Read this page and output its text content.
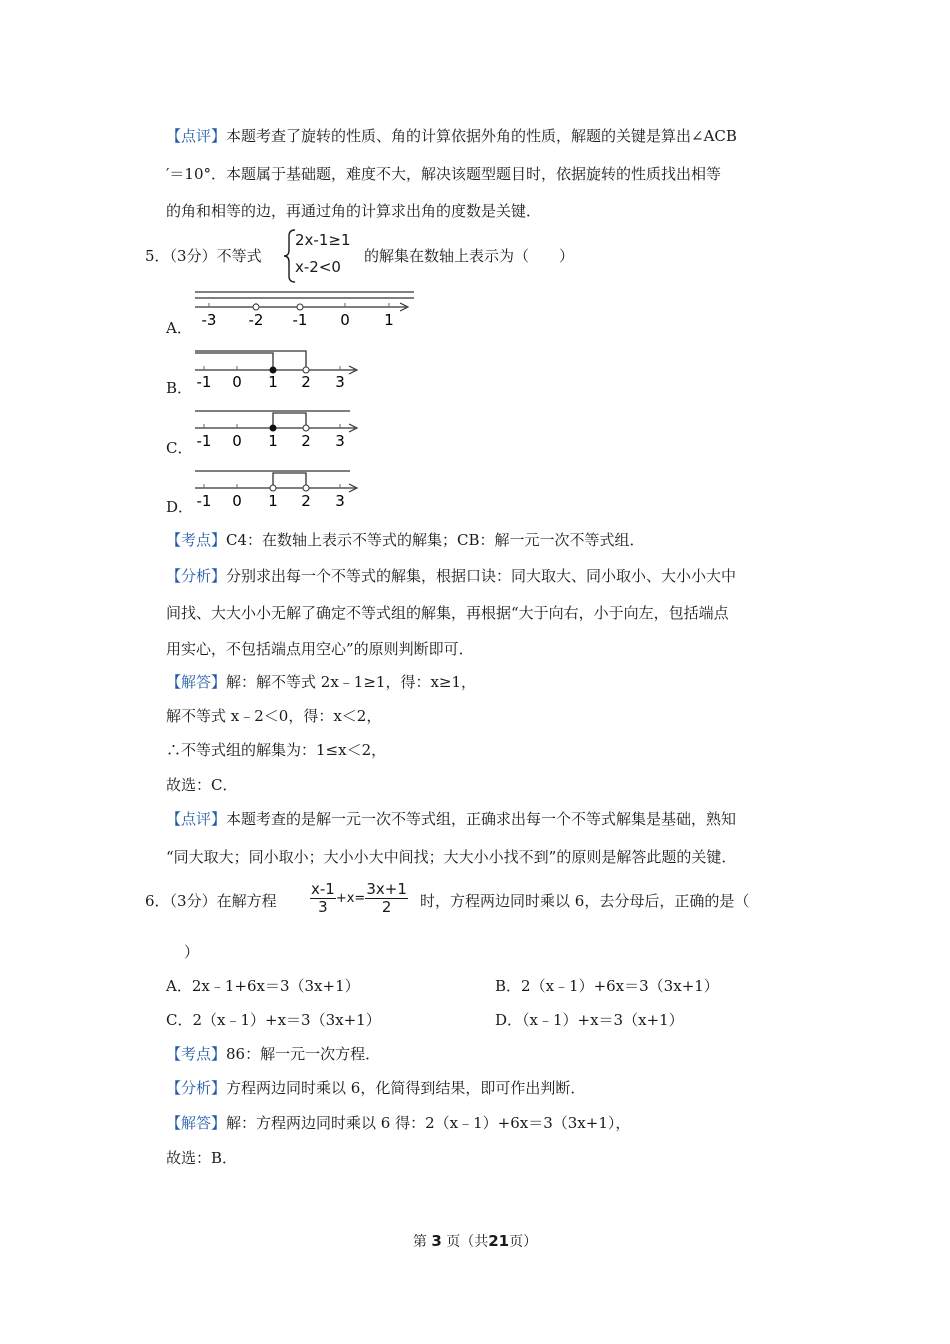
【点评】本题考查了旋转的性质、角的计算依据外角的性质，解题的关键是算出∠ACB
′＝10°．本题属于基础题，难度不大，解决该题型题目时，依据旋转的性质找出相等
的角和相等的边，再通过角的计算求出角的度数是关键．
5．（3分）不等式
2x-1≥1
x-2<0
的解集在数轴上表示为（　　）
A． -3 -2 -1 0 1
B． -1 0 1 2 3
C． -1 0 1 2 3
D． -1 0 1 2 3
【考点】C4：在数轴上表示不等式的解集；CB：解一元一次不等式组．
【分析】分别求出每一个不等式的解集，根据口诀：同大取大、同小取小、大小小大中
间找、大大小小无解了确定不等式组的解集，再根据“大于向右，小于向左，包括端点
用实心，不包括端点用空心”的原则判断即可．
【解答】解：解不等式 2x﹣1≥1，得：x≥1，
解不等式 x﹣2＜0，得：x＜2，
∴不等式组的解集为：1≤x＜2，
故选：C．
【点评】本题考查的是解一元一次不等式组，正确求出每一个不等式解集是基础，熟知
“同大取大；同小取小；大小小大中间找；大大小小找不到”的原则是解答此题的关键．
6．（3分）在解方程 $\frac{x-1}{3} +x= \frac{3x+1}{2}$ 时，方程两边同时乘以 6，去分母后，正确的是（
）
A．2x﹣1+6x＝3（3x+1）	B．2（x﹣1）+6x＝3（3x+1）
C．2（x﹣1）+x＝3（3x+1）	D．（x﹣1）+x＝3（x+1）
【考点】86：解一元一次方程．
【分析】方程两边同时乘以 6，化简得到结果，即可作出判断．
【解答】解：方程两边同时乘以 6 得：2（x﹣1）+6x＝3（3x+1），
故选：B．
第 3 页（共21页）
